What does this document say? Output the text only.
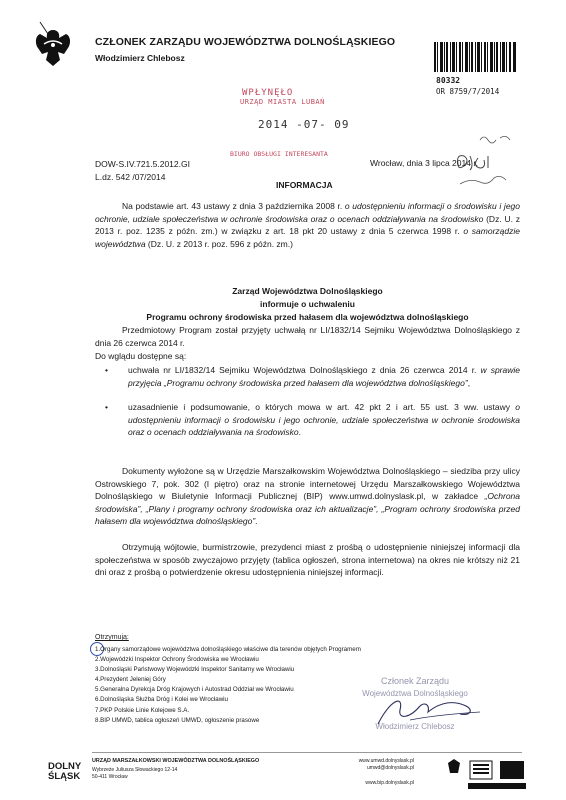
CZŁONEK ZARZĄDU WOJEWÓDZTWA DOLNOŚLĄSKIEGO
Włodzimierz Chlebosz
80332
OR 8759/7/2014
WPŁYNĘŁO
URZĄD MIASTA LUBAŃ
2014 -07- 09
BIURO OBSŁUGI INTERESANTA
DOW-S.IV.721.5.2012.GI
L.dz. 542 /07/2014
Wrocław, dnia 3 lipca 2014 r.
INFORMACJA
Na podstawie art. 43 ustawy z dnia 3 października 2008 r. o udostępnieniu informacji o środowisku i jego ochronie, udziale społeczeństwa w ochronie środowiska oraz o ocenach oddziaływania na środowisko (Dz. U. z 2013 r. poz. 1235 z późn. zm.) w związku z art. 18 pkt 20 ustawy z dnia 5 czerwca 1998 r. o samorządzie województwa (Dz. U. z 2013 r. poz. 596 z późn. zm.)
Zarząd Województwa Dolnośląskiego
informuje o uchwaleniu
Programu ochrony środowiska przed hałasem dla województwa dolnośląskiego
Przedmiotowy Program został przyjęty uchwałą nr LI/1832/14 Sejmiku Województwa Dolnośląskiego z dnia 26 czerwca 2014 r.
Do wglądu dostępne są:
• uchwała nr LI/1832/14 Sejmiku Województwa Dolnośląskiego z dnia 26 czerwca 2014 r. w sprawie przyjęcia „Programu ochrony środowiska przed hałasem dla województwa dolnośląskiego”,
• uzasadnienie i podsumowanie, o których mowa w art. 42 pkt 2 i art. 55 ust. 3 ww. ustawy o udostępnieniu informacji o środowisku i jego ochronie, udziale społeczeństwa w ochronie środowiska oraz o ocenach oddziaływania na środowisko.
Dokumenty wyłożone są w Urzędzie Marszałkowskim Województwa Dolnośląskiego – siedziba przy ulicy Ostrowskiego 7, pok. 302 (I piętro) oraz na stronie internetowej Urzędu Marszałkowskiego Województwa Dolnośląskiego w Biuletynie Informacji Publicznej (BIP) www.umwd.dolnyslask.pl, w zakładce „Ochrona środowiska”, „Plany i programy ochrony środowiska oraz ich aktualizacje”, „Program ochrony środowiska przed hałasem dla województwa dolnośląskiego”.
Otrzymują wójtowie, burmistrzowie, prezydenci miast z prośbą o udostępnienie niniejszej informacji dla społeczeństwa w sposób zwyczajowo przyjęty (tablica ogłoszeń, strona internetowa) na okres nie krótszy niż 21 dni oraz z prośbą o potwierdzenie okresu udostępnienia niniejszej informacji.
Otrzymują:
1.Organy samorządowe województwa dolnośląskiego właściwe dla terenów objętych Programem
2.Wojewódzki Inspektor Ochrony Środowiska we Wrocławiu
3.Dolnośląski Państwowy Wojewódzki Inspektor Sanitarny we Wrocławiu
4.Prezydent Jeleniej Góry
5.Generalna Dyrekcja Dróg Krajowych i Autostrad Oddział we Wrocławiu
6.Dolnośląska Służba Dróg i Kolei we Wrocławiu
7.PKP Polskie Linie Kolejowe S.A.
8.BIP UMWD, tablica ogłoszeń UMWD, ogłoszenie prasowe
Członek Zarządu
Województwa Dolnośląskiego
Włodzimierz Chlebosz
DOLNY
ŚLĄSK
URZĄD MARSZAŁKOWSKI WOJEWÓDZTWA DOLNOŚLĄSKIEGO
Wybrzeże Juliusza Słowackiego 12-14
50-411 Wrocław
www.umwd.dolnyslask.pl
umwd@dolnyslask.pl
www.bip.dolnyslask.pl
